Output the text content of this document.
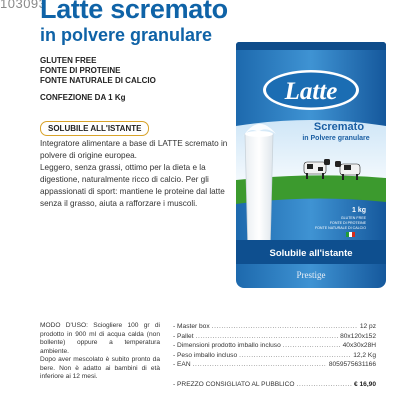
103093
Latte scremato
in polvere granulare
GLUTEN FREE
FONTE DI PROTEINE
FONTE NATURALE DI CALCIO
CONFEZIONE DA 1 Kg
SOLUBILE ALL'ISTANTE

Integratore alimentare a base di LATTE scremato in polvere di origine europea.

Leggero, senza grassi, ottimo per la dieta e la digestione, naturalmente ricco di calcio. Per gli appassionati di sport: mantiene le proteine dal latte senza il grasso, aiuta a rafforzare i muscoli.

Latte
Scremato
in Polvere granulare
1 kg
GLUTEN FREE
FONTE DI PROTEINE
FONTE NATURALE DI CALCIO
Solubile all'istante
Prestige

MODO D'USO: Sciogliere 100 gr di prodotto in 900 ml di acqua calda (non bollente) oppure a temperatura ambiente.

Dopo aver mescolato è subito pronto da bere. Non è adatto ai bambini di età inferiore ai 12 mesi.

- Master box .....	12 pz
- Pallet .....	80x120x152
- Dimensioni prodotto imballo incluso .....	40x30x28H
- Peso imballo incluso .....	12,2 Kg
- EAN .....	8059575631166
- PREZZO CONSIGLIATO AL PUBBLICO .....	€ 16,90
